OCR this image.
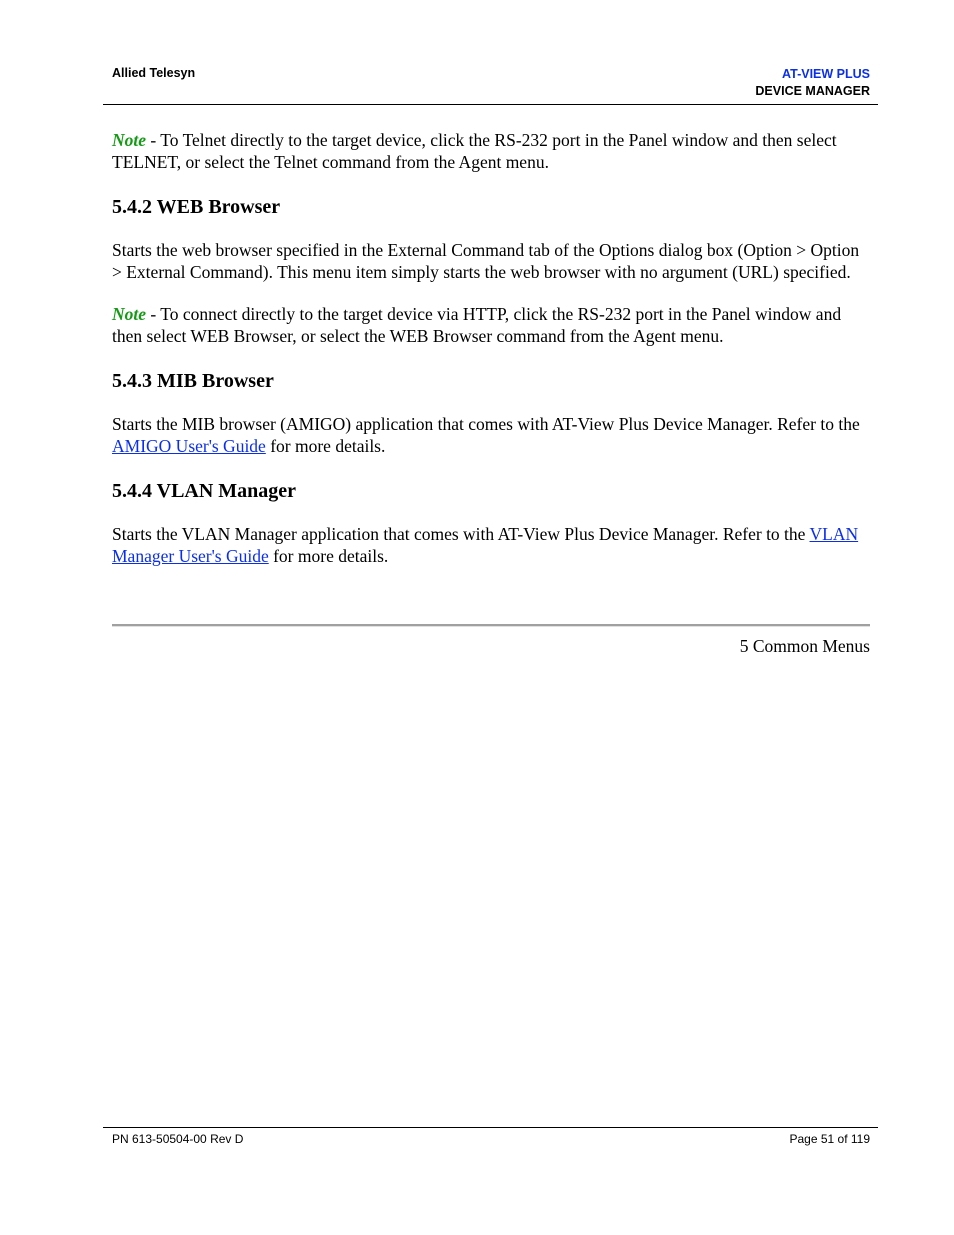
Allied Telesyn	AT-VIEW PLUS
DEVICE MANAGER

Note - To Telnet directly to the target device, click the RS-232 port in the Panel window and then select TELNET, or select the Telnet command from the Agent menu.

5.4.2 WEB Browser

Starts the web browser specified in the External Command tab of the Options dialog box (Option > Option > External Command). This menu item simply starts the web browser with no argument (URL) specified.

Note - To connect directly to the target device via HTTP, click the RS-232 port in the Panel window and then select WEB Browser, or select the WEB Browser command from the Agent menu.

5.4.3 MIB Browser

Starts the MIB browser (AMIGO) application that comes with AT-View Plus Device Manager. Refer to the AMIGO User's Guide for more details.

5.4.4 VLAN Manager

Starts the VLAN Manager application that comes with AT-View Plus Device Manager. Refer to the VLAN Manager User's Guide for more details.

5 Common Menus
PN 613-50504-00 Rev D	Page 51 of 119
